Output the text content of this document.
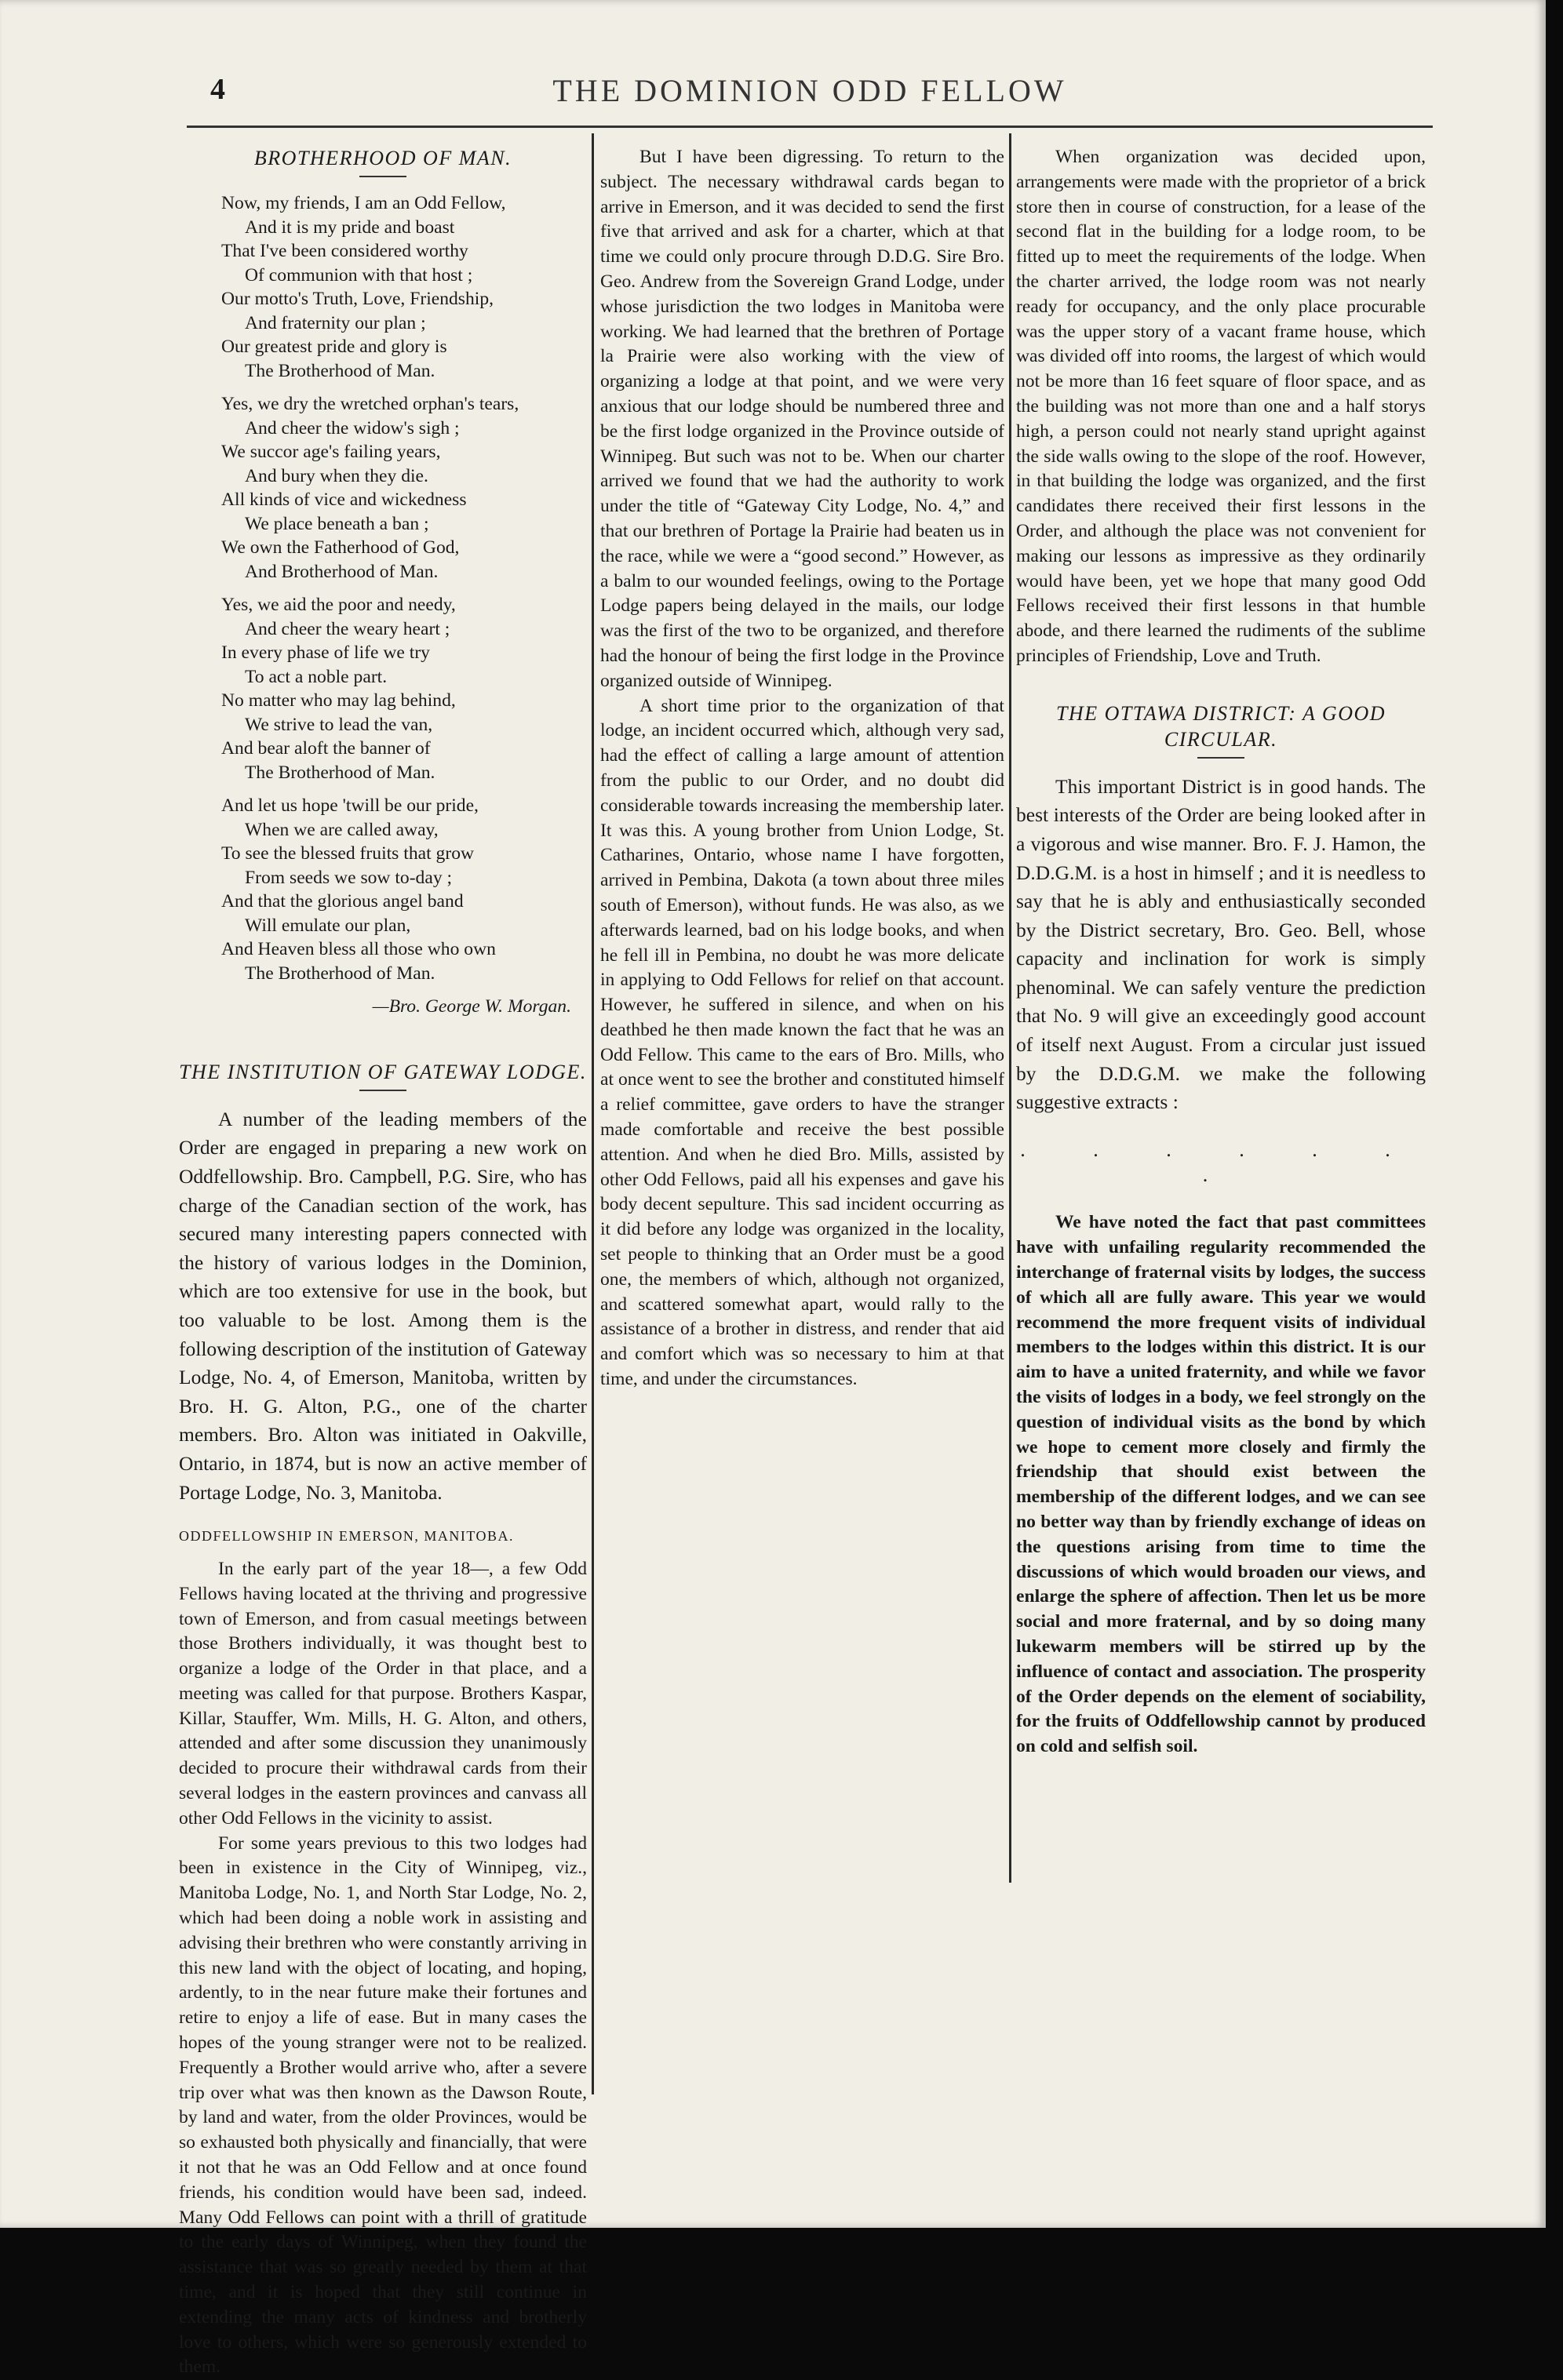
4	THE DOMINION ODD FELLOW
BROTHERHOOD OF MAN.
Now, my friends, I am an Odd Fellow,
And it is my pride and boast
That I've been considered worthy
Of communion with that host ;
Our motto's Truth, Love, Friendship,
And fraternity our plan ;
Our greatest pride and glory is
The Brotherhood of Man.
Yes, we dry the wretched orphan's tears,
And cheer the widow's sigh ;
We succor age's failing years,
And bury when they die.
All kinds of vice and wickedness
We place beneath a ban ;
We own the Fatherhood of God,
And Brotherhood of Man.
Yes, we aid the poor and needy,
And cheer the weary heart ;
In every phase of life we try
To act a noble part.
No matter who may lag behind,
We strive to lead the van,
And bear aloft the banner of
The Brotherhood of Man.
And let us hope 'twill be our pride,
When we are called away,
To see the blessed fruits that grow
From seeds we sow to-day ;
And that the glorious angel band
Will emulate our plan,
And Heaven bless all those who own
The Brotherhood of Man.
—Bro. George W. Morgan.
THE INSTITUTION OF GATEWAY LODGE.

A number of the leading members of the Order are engaged in preparing a new work on Oddfellowship. Bro. Campbell, P.G. Sire, who has charge of the Canadian section of the work, has secured many interesting papers connected with the history of various lodges in the Dominion, which are too extensive for use in the book, but too valuable to be lost. Among them is the following description of the institution of Gateway Lodge, No. 4, of Emerson, Manitoba, written by Bro. H. G. Alton, P.G., one of the charter members. Bro. Alton was initiated in Oakville, Ontario, in 1874, but is now an active member of Portage Lodge, No. 3, Manitoba.

ODDFELLOWSHIP IN EMERSON, MANITOBA.

In the early part of the year 18—, a few Odd Fellows having located at the thriving and progressive town of Emerson, and from casual meetings between those Brothers individually, it was thought best to organize a lodge of the Order in that place, and a meeting was called for that purpose. Brothers Kaspar, Killar, Stauffer, Wm. Mills, H. G. Alton, and others, attended and after some discussion they unanimously decided to procure their withdrawal cards from their several lodges in the eastern provinces and canvass all other Odd Fellows in the vicinity to assist.

For some years previous to this two lodges had been in existence in the City of Winnipeg, viz., Manitoba Lodge, No. 1, and North Star Lodge, No. 2, which had been doing a noble work in assisting and advising their brethren who were constantly arriving in this new land with the object of locating, and hoping, ardently, to in the near future make their fortunes and retire to enjoy a life of ease. But in many cases the hopes of the young stranger were not to be realized. Frequently a Brother would arrive who, after a severe trip over what was then known as the Dawson Route, by land and water, from the older Provinces, would be so exhausted both physically and financially, that were it not that he was an Odd Fellow and at once found friends, his condition would have been sad, indeed. Many Odd Fellows can point with a thrill of gratitude to the early days of Winnipeg, when they found the assistance that was so greatly needed by them at that time, and it is hoped that they still continue in extending the many acts of kindness and brotherly love to others, which were so generously extended to them.

But I have been digressing. To return to the subject. The necessary withdrawal cards began to arrive in Emerson, and it was decided to send the first five that arrived and ask for a charter, which at that time we could only procure through D.D.G. Sire Bro. Geo. Andrew from the Sovereign Grand Lodge, under whose jurisdiction the two lodges in Manitoba were working. We had learned that the brethren of Portage la Prairie were also working with the view of organizing a lodge at that point, and we were very anxious that our lodge should be numbered three and be the first lodge organized in the Province outside of Winnipeg. But such was not to be. When our charter arrived we found that we had the authority to work under the title of “Gateway City Lodge, No. 4,” and that our brethren of Portage la Prairie had beaten us in the race, while we were a “good second.” However, as a balm to our wounded feelings, owing to the Portage Lodge papers being delayed in the mails, our lodge was the first of the two to be organized, and therefore had the honour of being the first lodge in the Province organized outside of Winnipeg.

A short time prior to the organization of that lodge, an incident occurred which, although very sad, had the effect of calling a large amount of attention from the public to our Order, and no doubt did considerable towards increasing the membership later. It was this. A young brother from Union Lodge, St. Catharines, Ontario, whose name I have forgotten, arrived in Pembina, Dakota (a town about three miles south of Emerson), without funds. He was also, as we afterwards learned, bad on his lodge books, and when he fell ill in Pembina, no doubt he was more delicate in applying to Odd Fellows for relief on that account. However, he suffered in silence, and when on his deathbed he then made known the fact that he was an Odd Fellow. This came to the ears of Bro. Mills, who at once went to see the brother and constituted himself a relief committee, gave orders to have the stranger made comfortable and receive the best possible attention. And when he died Bro. Mills, assisted by other Odd Fellows, paid all his expenses and gave his body decent sepulture. This sad incident occurring as it did before any lodge was organized in the locality, set people to thinking that an Order must be a good one, the members of which, although not organized, and scattered somewhat apart, would rally to the assistance of a brother in distress, and render that aid and comfort which was so necessary to him at that time, and under the circumstances.

When organization was decided upon, arrangements were made with the proprietor of a brick store then in course of construction, for a lease of the second flat in the building for a lodge room, to be fitted up to meet the requirements of the lodge. When the charter arrived, the lodge room was not nearly ready for occupancy, and the only place procurable was the upper story of a vacant frame house, which was divided off into rooms, the largest of which would not be more than 16 feet square of floor space, and as the building was not more than one and a half storys high, a person could not nearly stand upright against the side walls owing to the slope of the roof. However, in that building the lodge was organized, and the first candidates there received their first lessons in the Order, and although the place was not convenient for making our lessons as impressive as they ordinarily would have been, yet we hope that many good Odd Fellows received their first lessons in that humble abode, and there learned the rudiments of the sublime principles of Friendship, Love and Truth.

THE OTTAWA DISTRICT: A GOOD CIRCULAR.

This important District is in good hands. The best interests of the Order are being looked after in a vigorous and wise manner. Bro. F. J. Hamon, the D.D.G.M. is a host in himself ; and it is needless to say that he is ably and enthusiastically seconded by the District secretary, Bro. Geo. Bell, whose capacity and inclination for work is simply phenominal. We can safely venture the prediction that No. 9 will give an exceedingly good account of itself next August. From a circular just issued by the D.D.G.M. we make the following suggestive extracts :

. . . . . . .

We have noted the fact that past committees have with unfailing regularity recommended the interchange of fraternal visits by lodges, the success of which all are fully aware. This year we would recommend the more frequent visits of individual members to the lodges within this district. It is our aim to have a united fraternity, and while we favor the visits of lodges in a body, we feel strongly on the question of individual visits as the bond by which we hope to cement more closely and firmly the friendship that should exist between the membership of the different lodges, and we can see no better way than by friendly exchange of ideas on the questions arising from time to time the discussions of which would broaden our views, and enlarge the sphere of affection. Then let us be more social and more fraternal, and by so doing many lukewarm members will be stirred up by the influence of contact and association. The prosperity of the Order depends on the element of sociability, for the fruits of Oddfellowship cannot by produced on cold and selfish soil.
